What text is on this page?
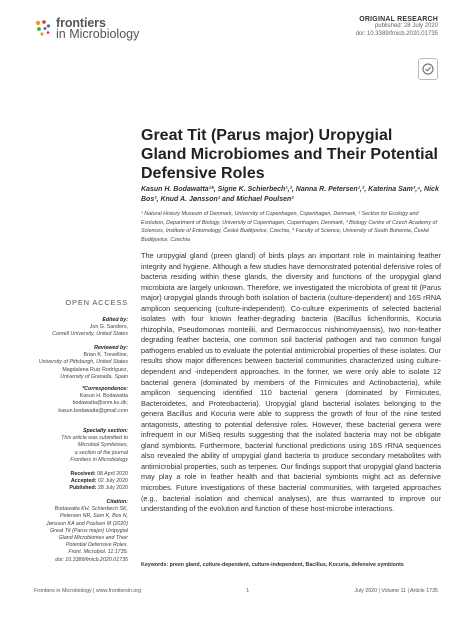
frontiers
in Microbiology
ORIGINAL RESEARCH
published: 28 July 2020
doi: 10.3389/fmicb.2020.01735
Great Tit (Parus major) Uropygial Gland Microbiomes and Their Potential Defensive Roles
Kasun H. Bodawatta¹*, Signe K. Schierbech¹,², Nanna R. Petersen¹,², Katerina Sam³,⁴, Nick Bos², Knud A. Jønsson¹ and Michael Poulsen²
¹ Natural History Museum of Denmark, University of Copenhagen, Copenhagen, Denmark, ² Section for Ecology and Evolution, Department of Biology, University of Copenhagen, Copenhagen, Denmark, ³ Biology Centre of Czech Academy of Sciences, Institute of Entomology, České Budějovice, Czechia, ⁴ Faculty of Science, University of South Bohemia, České Budějovice, Czechia
OPEN ACCESS
Edited by:
Jon G. Sanders,
Cornell University, United States
Reviewed by:
Brian K. Trevelline,
University of Pittsburgh, United States
Magdalena Ruiz Rodríguez,
University of Granada, Spain
*Correspondence:
Kasun H. Bodawatta
bodawatta@snm.ku.dk;
kasun.bodawatta@gmail.com
Specialty section:
This article was submitted to
Microbial Symbioses,
a section of the journal
Frontiers in Microbiology
Received: 08 April 2020
Accepted: 02 July 2020
Published: 28 July 2020
Citation:
Bodawatta KH, Schierbech SK,
Petersen NR, Sam K, Bos N,
Jønsson KA and Poulsen M (2020)
Great Tit (Parus major) Uropygial
Gland Microbiomes and Their
Potential Defensive Roles.
Front. Microbiol. 11:1735.
doi: 10.3389/fmicb.2020.01735
The uropygial gland (preen gland) of birds plays an important role in maintaining feather integrity and hygiene. Although a few studies have demonstrated potential defensive roles of bacteria residing within these glands, the diversity and functions of the uropygial gland microbiota are largely unknown. Therefore, we investigated the microbiota of great tit (Parus major) uropygial glands through both isolation of bacteria (culture-dependent) and 16S rRNA amplicon sequencing (culture-independent). Co-culture experiments of selected bacterial isolates with four known feather-degrading bacteria (Bacillus licheniformis, Kocuria rhizophila, Pseudomonas monteilii, and Dermacoccus nishinomiyaensis), two non-feather degrading feather bacteria, one common soil bacterial pathogen and two common fungal pathogens enabled us to evaluate the potential antimicrobial properties of these isolates. Our results show major differences between bacterial communities characterized using culture-dependent and -independent approaches. In the former, we were only able to isolate 12 bacterial genera (dominated by members of the Firmicutes and Actinobacteria), while amplicon sequencing identified 110 bacterial genera (dominated by Firmicutes, Bacteroidetes, and Proteobacteria). Uropygial gland bacterial isolates belonging to the genera Bacillus and Kocuria were able to suppress the growth of four of the nine tested antagonists, attesting to potential defensive roles. However, these bacterial genera were infrequent in our MiSeq results suggesting that the isolated bacteria may not be obligate gland symbionts. Furthermore, bacterial functional predictions using 16S rRNA sequences also revealed the ability of uropygial gland bacteria to produce secondary metabolites with antimicrobial properties, such as terpenes. Our findings support that uropygial gland bacteria may play a role in feather health and that bacterial symbionts might act as defensive microbes. Future investigations of these bacterial communities, with targeted approaches (e.g., bacterial isolation and chemical analyses), are thus warranted to improve our understanding of the evolution and function of these host-microbe interactions.
Keywords: preen gland, culture-dependent, culture-independent, Bacillus, Kocuria, defensive symbionts
Frontiers in Microbiology | www.frontiersin.org	1	July 2020 | Volume 11 | Article 1735
